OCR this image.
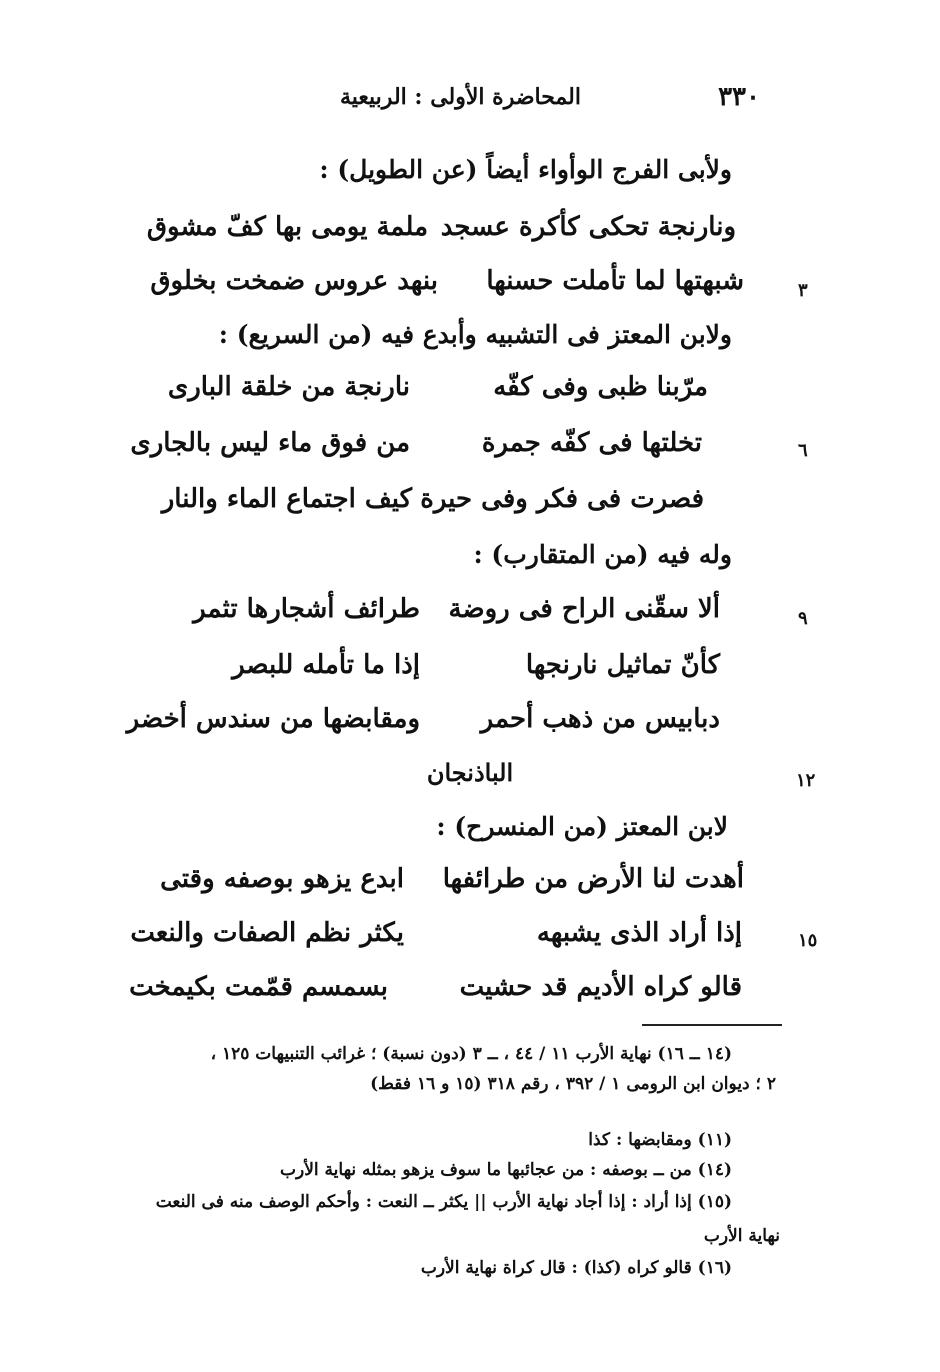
٣٣٠
المحاضرة الأولى : الربيعية
ولأبى الفرج الوأواء أيضاً (عن الطويل) :
ونارنجة تحكى كأكرة عسجد
ملمة يومى بها كفّ مشوق
شبهتها لما تأملت حسنها
بنهد عروس ضمخت بخلوق	٣
ولابن المعتز فى التشبيه وأبدع فيه (من السريع) :
مرّبنا ظبى وفى كفّه
نارنجة من خلقة البارى
تخلتها فى كفّه جمرة
من فوق ماء ليس بالجارى	٦
فصرت فى فكر وفى حيرة
كيف اجتماع الماء والنار
وله فيه (من المتقارب) :
ألا سقّنى الراح فى روضة
طرائف أشجارها تثمر	٩
كأنّ تماثيل نارنجها
إذا ما تأمله للبصر
دبابيس من ذهب أحمر
ومقابضها من سندس أخضر
الباذنجان	١٢
لابن المعتز (من المنسرح) :
أهدت لنا الأرض من طرائفها
ابدع يزهو بوصفه وقتى
إذا أراد الذى يشبهه
يكثر نظم الصفات والنعت	١٥
قالو كراه الأديم قد حشيت
بسمسم قمّمت بكيمخت
(١٤ ــ ١٦) نهاية الأرب ١١ / ٤٤ ، ــ ٣ (دون نسبة) ؛ غرائب التنبيهات ١٢٥ ،
٢ ؛ ديوان ابن الرومى ١ / ٣٩٢ ، رقم ٣١٨ (١٥ و ١٦ فقط)
(١١) ومقابضها : كذا
(١٤) من ــ بوصفه : من عجائبها ما سوف يزهو بمثله نهاية الأرب
(١٥) إذا أراد : إذا أجاد نهاية الأرب || يكثر ــ النعت : وأحكم الوصف منه فى النعت
نهاية الأرب
(١٦) قالو كراه (كذا) : قال كراة نهاية الأرب
